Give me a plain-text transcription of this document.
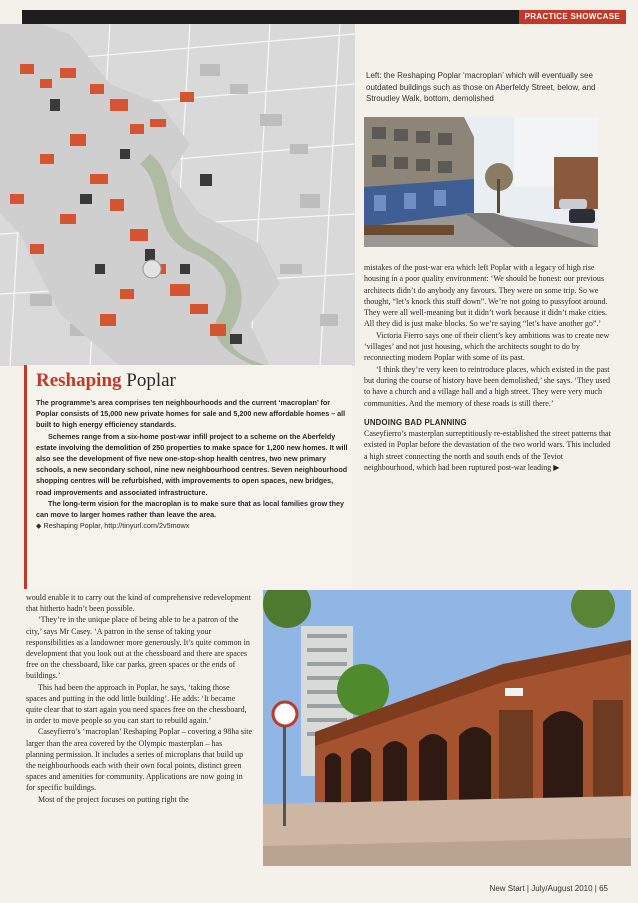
PRACTICE SHOWCASE
Left: the Reshaping Poplar ‘macroplan’ which will eventually see outdated buildings such as those on Aberfeldy Street, below, and Stroudley Walk, bottom, demolished
Reshaping Poplar

The programme’s area comprises ten neighbourhoods and the current ‘macroplan’ for Poplar consists of 15,000 new private homes for sale and 5,200 new affordable homes – all built to high energy efficiency standards.

Schemes range from a six-home post-war infill project to a scheme on the Aberfeldy estate involving the demolition of 250 properties to make space for 1,200 new homes. It will also see the development of five new one-stop-shop health centres, two new primary schools, a new secondary school, nine new neighbourhood centres. Seven neighbourhood shopping centres will be refurbished, with improvements to open spaces, new bridges, road improvements and associated infrastructure.

The long-term vision for the macroplan is to make sure that as local families grow they can move to larger homes rather than leave the area.

◆ Reshaping Poplar, http://tinyurl.com/2v5mowx

mistakes of the post-war era which left Poplar with a legacy of high rise housing in a poor quality environment: ‘We should be honest: our previous architects didn’t do anybody any favours. They were on some trip. So we thought, “let’s knock this stuff down”. We’re not going to pussyfoot around. They were all well-meaning but it didn’t work because it didn’t make cities. All they did is just make blocks. So we’re saying “let’s have another go”.’

Victoria Fierro says one of their client’s key ambitions was to create new ‘villages’ and not just housing, which the architects sought to do by reconnecting modern Poplar with some of its past.

‘I think they’re very keen to reintroduce places, which existed in the past but during the course of history have been demolished,’ she says. ‘They used to have a church and a village hall and a high street. They were very much communities. And the memory of these roads is still there.’

UNDOING BAD PLANNING

Caseyfierro’s masterplan surreptitiously re-established the street patterns that existed in Poplar before the devastation of the two world wars. This included a high street connecting the north and south ends of the Teviot neighbourhood, which had been ruptured post-war leading ▶

would enable it to carry out the kind of comprehensive redevelopment that hitherto hadn’t been possible.

‘They’re in the unique place of being able to be a patron of the city,’ says Mr Casey. ‘A patron in the sense of taking your responsibilities as a landowner more generously. It’s quite common in development that you look out at the chessboard and there are spaces free on the chessboard, like car parks, green spaces or the ends of buildings.’

This had been the approach in Poplar, he says, ‘taking those spaces and putting in the odd little building’. He adds: ‘It became quite clear that to start again you need spaces free on the chessboard, in order to move people so you can start to rebuild again.’

Caseyfierro’s ‘macroplan’ Reshaping Poplar – covering a 98ha site larger than the area covered by the Olympic masterplan – has planning permission. It includes a series of microplans that build up the neighbourhoods each with their own focal points, distinct green spaces and amenities for community. Applications are now going in for specific buildings.

Most of the project focuses on putting right the

New Start | July/August 2010 | 65
